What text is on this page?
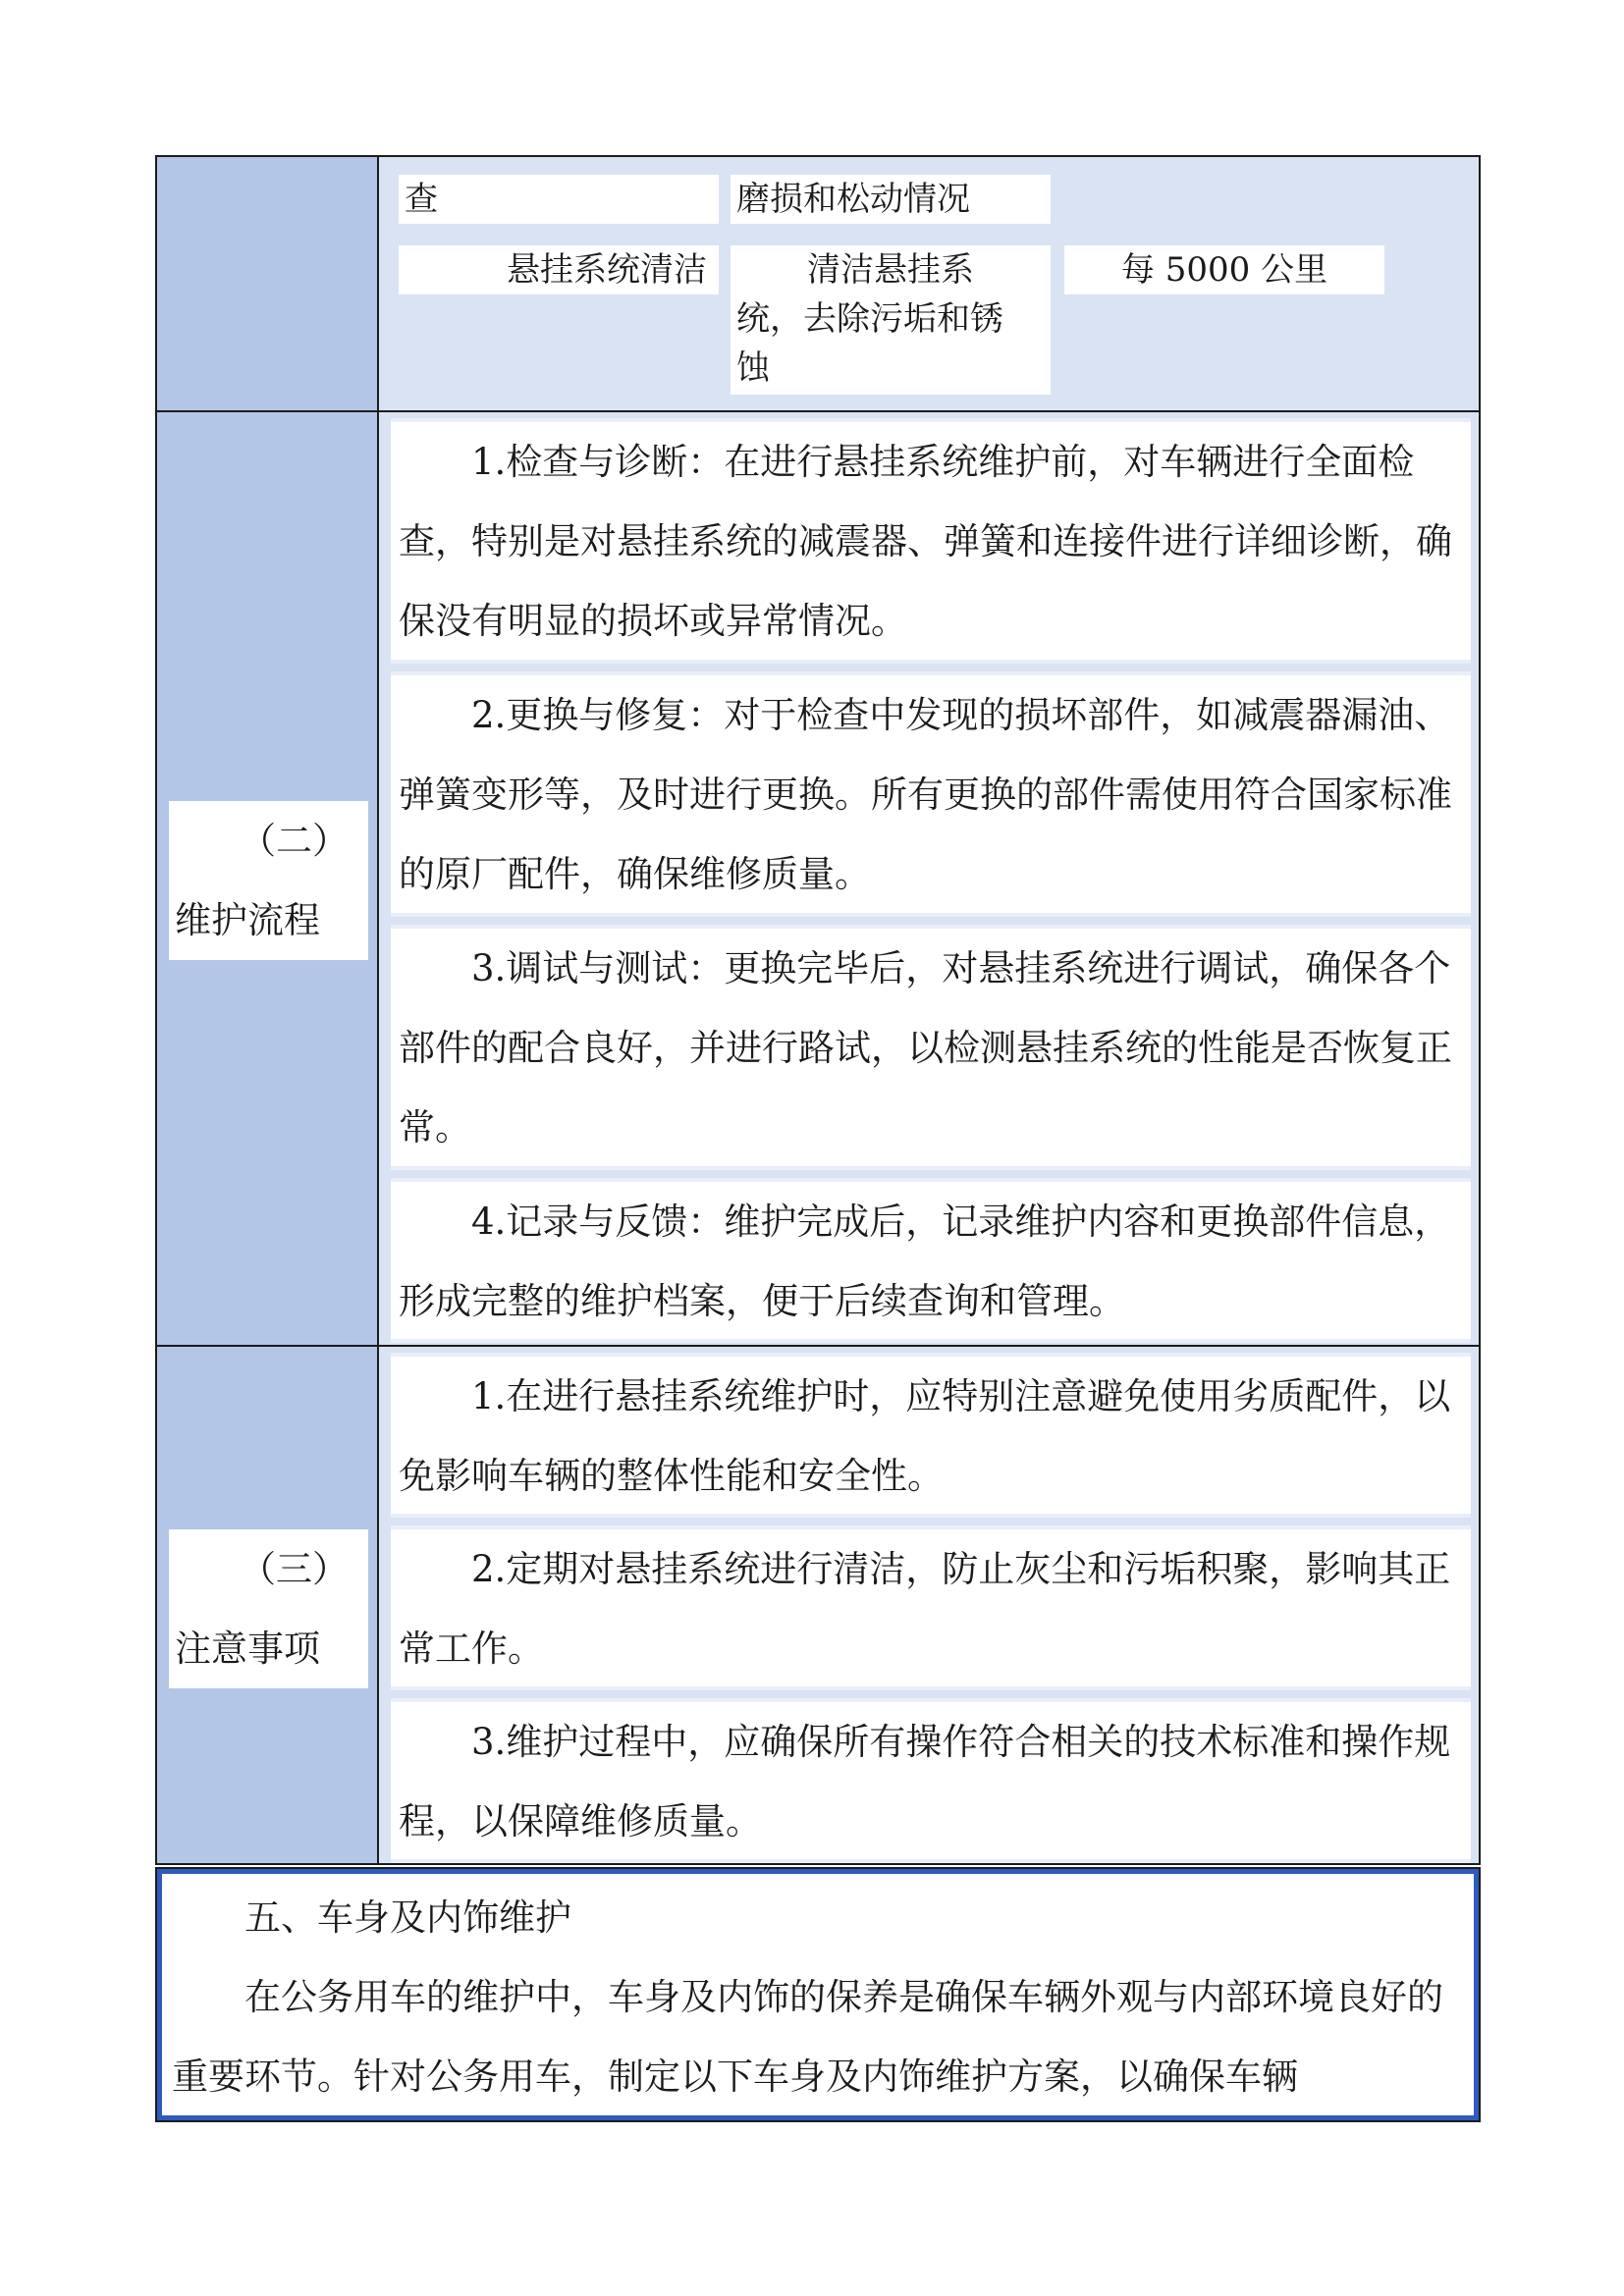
查	磨损和松动情况
悬挂系统清洁	清洁悬挂系
统，去除污垢和锈
蚀
每 5000 公里
（二）
维护流程
1.检查与诊断：在进行悬挂系统维护前，对车辆进行全面检查，特别是对悬挂系统的减震器、弹簧和连接件进行详细诊断，确保没有明显的损坏或异常情况。
2.更换与修复：对于检查中发现的损坏部件，如减震器漏油、弹簧变形等，及时进行更换。所有更换的部件需使用符合国家标准的原厂配件，确保维修质量。
3.调试与测试：更换完毕后，对悬挂系统进行调试，确保各个部件的配合良好，并进行路试，以检测悬挂系统的性能是否恢复正常。
4.记录与反馈：维护完成后，记录维护内容和更换部件信息，形成完整的维护档案，便于后续查询和管理。
（三）
注意事项
1.在进行悬挂系统维护时，应特别注意避免使用劣质配件，以免影响车辆的整体性能和安全性。
2.定期对悬挂系统进行清洁，防止灰尘和污垢积聚，影响其正常工作。
3.维护过程中，应确保所有操作符合相关的技术标准和操作规程，以保障维修质量。

五、车身及内饰维护

在公务用车的维护中，车身及内饰的保养是确保车辆外观与内部环境良好的重要环节。针对公务用车，制定以下车身及内饰维护方案，以确保车辆
